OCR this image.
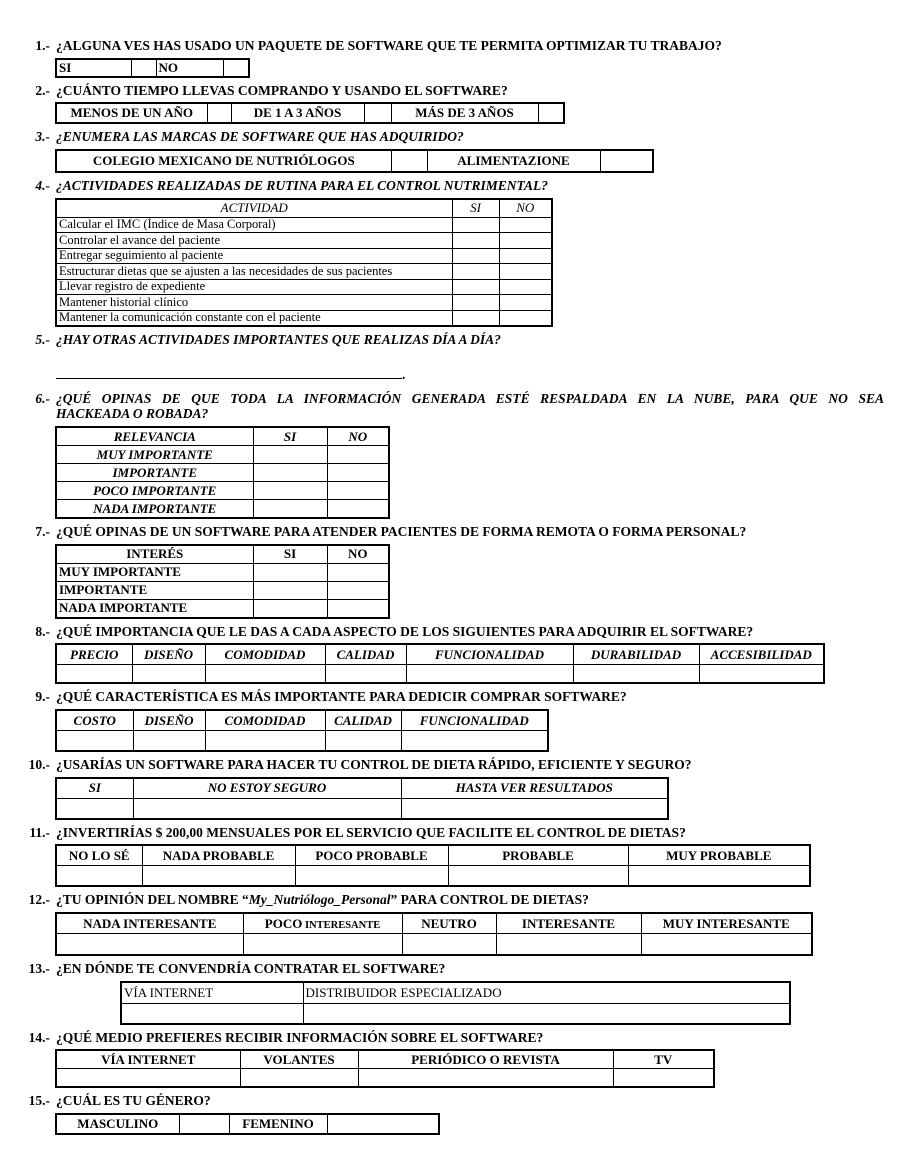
1.- ¿ALGUNA VES HAS USADO UN PAQUETE DE SOFTWARE QUE TE PERMITA OPTIMIZAR TU TRABAJO?
SI		NO	
2.- ¿CUÁNTO TIEMPO LLEVAS COMPRANDO Y USANDO EL SOFTWARE?
MENOS DE UN AÑO		DE 1 A 3 AÑOS		MÁS DE 3 AÑOS	
3.- ¿ENUMERA LAS MARCAS DE SOFTWARE QUE HAS ADQUIRIDO?
COLEGIO MEXICANO DE NUTRIÓLOGOS		ALIMENTAZIONE	
4.- ¿ACTIVIDADES REALIZADAS DE RUTINA PARA EL CONTROL NUTRIMENTAL?
ACTIVIDAD	SI	NO
Calcular el IMC (Índice de Masa Corporal)		
Controlar el avance del paciente		
Entregar seguimiento al paciente		
Estructurar dietas que se ajusten a las necesidades de sus pacientes		
Llevar registro de expediente		
Mantener historial clínico		
Mantener la comunicación constante con el paciente		
5.- ¿HAY OTRAS ACTIVIDADES IMPORTANTES QUE REALIZAS DÍA A DÍA?
.
6.- ¿QUÉ OPINAS DE QUE TODA LA INFORMACIÓN GENERADA ESTÉ RESPALDADA EN LA NUBE, PARA QUE NO SEA
HACKEADA O ROBADA?
RELEVANCIA	SI	NO
MUY IMPORTANTE		
IMPORTANTE		
POCO IMPORTANTE		
NADA IMPORTANTE		
7.- ¿QUÉ OPINAS DE UN SOFTWARE PARA ATENDER PACIENTES DE FORMA REMOTA O FORMA PERSONAL?
INTERÉS	SI	NO
MUY IMPORTANTE		
IMPORTANTE		
NADA IMPORTANTE		
8.- ¿QUÉ IMPORTANCIA QUE LE DAS A CADA ASPECTO DE LOS SIGUIENTES PARA ADQUIRIR EL SOFTWARE?
PRECIO	DISEÑO	COMODIDAD	CALIDAD	FUNCIONALIDAD	DURABILIDAD	ACCESIBILIDAD

9.- ¿QUÉ CARACTERÍSTICA ES MÁS IMPORTANTE PARA DEDICIR COMPRAR SOFTWARE?
COSTO	DISEÑO	COMODIDAD	CALIDAD	FUNCIONALIDAD

10.- ¿USARÍAS UN SOFTWARE PARA HACER TU CONTROL DE DIETA RÁPIDO, EFICIENTE Y SEGURO?
SI	NO ESTOY SEGURO	HASTA VER RESULTADOS

11.- ¿INVERTIRÍAS $ 200,00 MENSUALES POR EL SERVICIO QUE FACILITE EL CONTROL DE DIETAS?
NO LO SÉ	NADA PROBABLE	POCO PROBABLE	PROBABLE	MUY PROBABLE

12.- ¿TU OPINIÓN DEL NOMBRE “My_Nutriólogo_Personal” PARA CONTROL DE DIETAS?
NADA INTERESANTE	POCO INTERESANTE	NEUTRO	INTERESANTE	MUY INTERESANTE

13.- ¿EN DÓNDE TE CONVENDRÍA CONTRATAR EL SOFTWARE?
VÍA INTERNET	DISTRIBUIDOR ESPECIALIZADO

14.- ¿QUÉ MEDIO PREFIERES RECIBIR INFORMACIÓN SOBRE EL SOFTWARE?
VÍA INTERNET	VOLANTES	PERIÓDICO O REVISTA	TV

15.- ¿CUÁL ES TU GÉNERO?
MASCULINO		FEMENINO	
